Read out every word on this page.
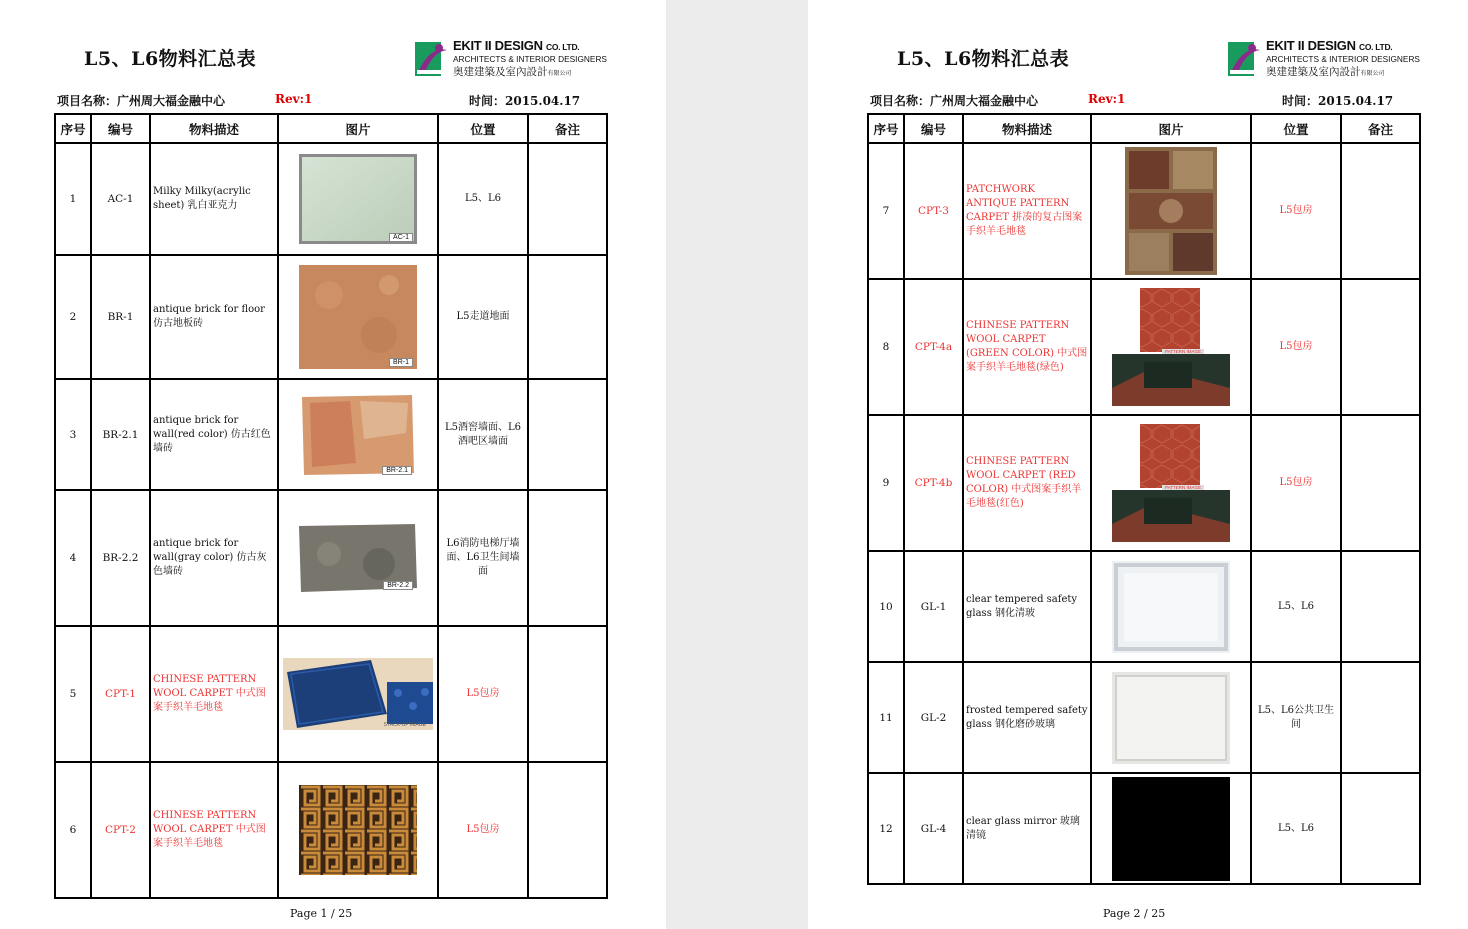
L5、L6物料汇总表
EKIT II DESIGN CO. LTD.
ARCHITECTS & INTERIOR DESIGNERS
奥建建築及室內設計有限公司
项目名称：广州周大福金融中心	Rev:1	时间：2015.04.17
序号	编号	物料描述	图片	位置	备注
1	AC-1	Milky Milky(acrylic sheet) 乳白亚克力	AC-1	L5、L6	
2	BR-1	antique brick for floor 仿古地板砖	BR-1	L5走道地面	
3	BR-2.1	antique brick for wall(red color) 仿古红色墙砖	BR-2.1	L5酒窖墙面、L6酒吧区墙面	
4	BR-2.2	antique brick for wall(gray color) 仿古灰色墙砖	BR-2.2	L6消防电梯厅墙面、L6卫生间墙面	
5	CPT-1	CHINESE PATTERN WOOL CARPET 中式图案手织羊毛地毯	STACK-UP IMAGE	L5包房	
6	CPT-2	CHINESE PATTERN WOOL CARPET 中式图案手织羊毛地毯		L5包房	
Page 1 / 25
L5、L6物料汇总表
EKIT II DESIGN CO. LTD.
ARCHITECTS & INTERIOR DESIGNERS
奥建建築及室內設計有限公司
项目名称：广州周大福金融中心	Rev:1	时间：2015.04.17
序号	编号	物料描述	图片	位置	备注
7	CPT-3	PATCHWORK ANTIQUE PATTERN CARPET 拼凑的复古图案手织羊毛地毯		L5包房	
8	CPT-4a	CHINESE PATTERN WOOL CARPET (GREEN COLOR) 中式图案手织羊毛地毯(绿色)	PATTERN IMAGE	L5包房	
9	CPT-4b	CHINESE PATTERN WOOL CARPET (RED COLOR) 中式图案手织羊毛地毯(红色)	PATTERN IMAGE	L5包房	
10	GL-1	clear tempered safety glass 钢化清玻		L5、L6	
11	GL-2	frosted tempered safety glass 钢化磨砂玻璃		L5、L6公共卫生间	
12	GL-4	clear glass mirror 玻璃清镜		L5、L6	
Page 2 / 25
